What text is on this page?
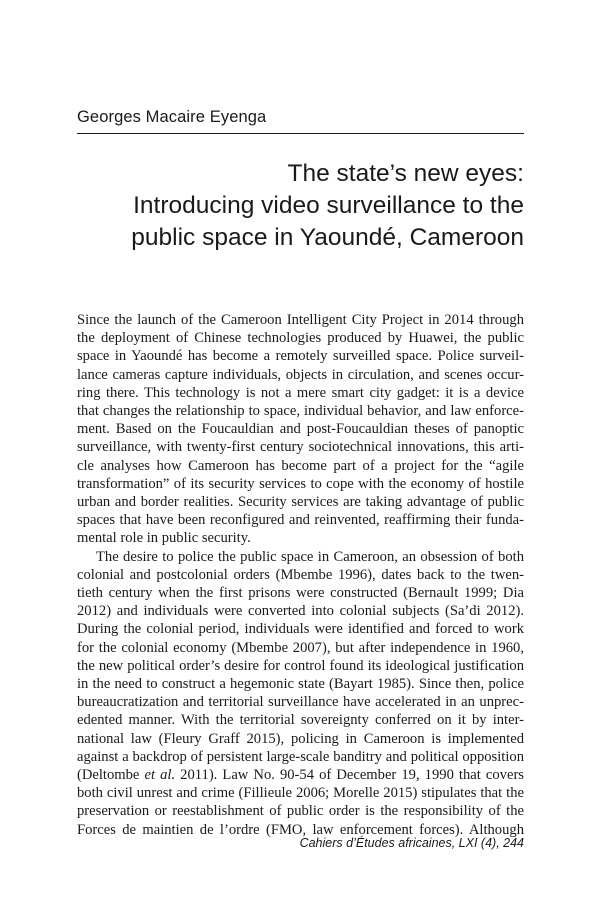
Georges Macaire Eyenga
The state’s new eyes:
Introducing video surveillance to the
public space in Yaoundé, Cameroon
Since the launch of the Cameroon Intelligent City Project in 2014 through
the deployment of Chinese technologies produced by Huawei, the public
space in Yaoundé has become a remotely surveilled space. Police surveil-
lance cameras capture individuals, objects in circulation, and scenes occur-
ring there. This technology is not a mere smart city gadget: it is a device
that changes the relationship to space, individual behavior, and law enforce-
ment. Based on the Foucauldian and post-Foucauldian theses of panoptic
surveillance, with twenty-first century sociotechnical innovations, this arti-
cle analyses how Cameroon has become part of a project for the “agile
transformation” of its security services to cope with the economy of hostile
urban and border realities. Security services are taking advantage of public
spaces that have been reconfigured and reinvented, reaffirming their funda-
mental role in public security.
The desire to police the public space in Cameroon, an obsession of both
colonial and postcolonial orders (Mbembe 1996), dates back to the twen-
tieth century when the first prisons were constructed (Bernault 1999; Dia
2012) and individuals were converted into colonial subjects (Sa’di 2012).
During the colonial period, individuals were identified and forced to work
for the colonial economy (Mbembe 2007), but after independence in 1960,
the new political order’s desire for control found its ideological justification
in the need to construct a hegemonic state (Bayart 1985). Since then, police
bureaucratization and territorial surveillance have accelerated in an unprec-
edented manner. With the territorial sovereignty conferred on it by inter-
national law (Fleury Graff 2015), policing in Cameroon is implemented
against a backdrop of persistent large-scale banditry and political opposition
(Deltombe et al. 2011). Law No. 90-54 of December 19, 1990 that covers
both civil unrest and crime (Fillieule 2006; Morelle 2015) stipulates that the
preservation or reestablishment of public order is the responsibility of the
Forces de maintien de l’ordre (FMO, law enforcement forces). Although
Cahiers d’Études africaines, LXI (4), 244
